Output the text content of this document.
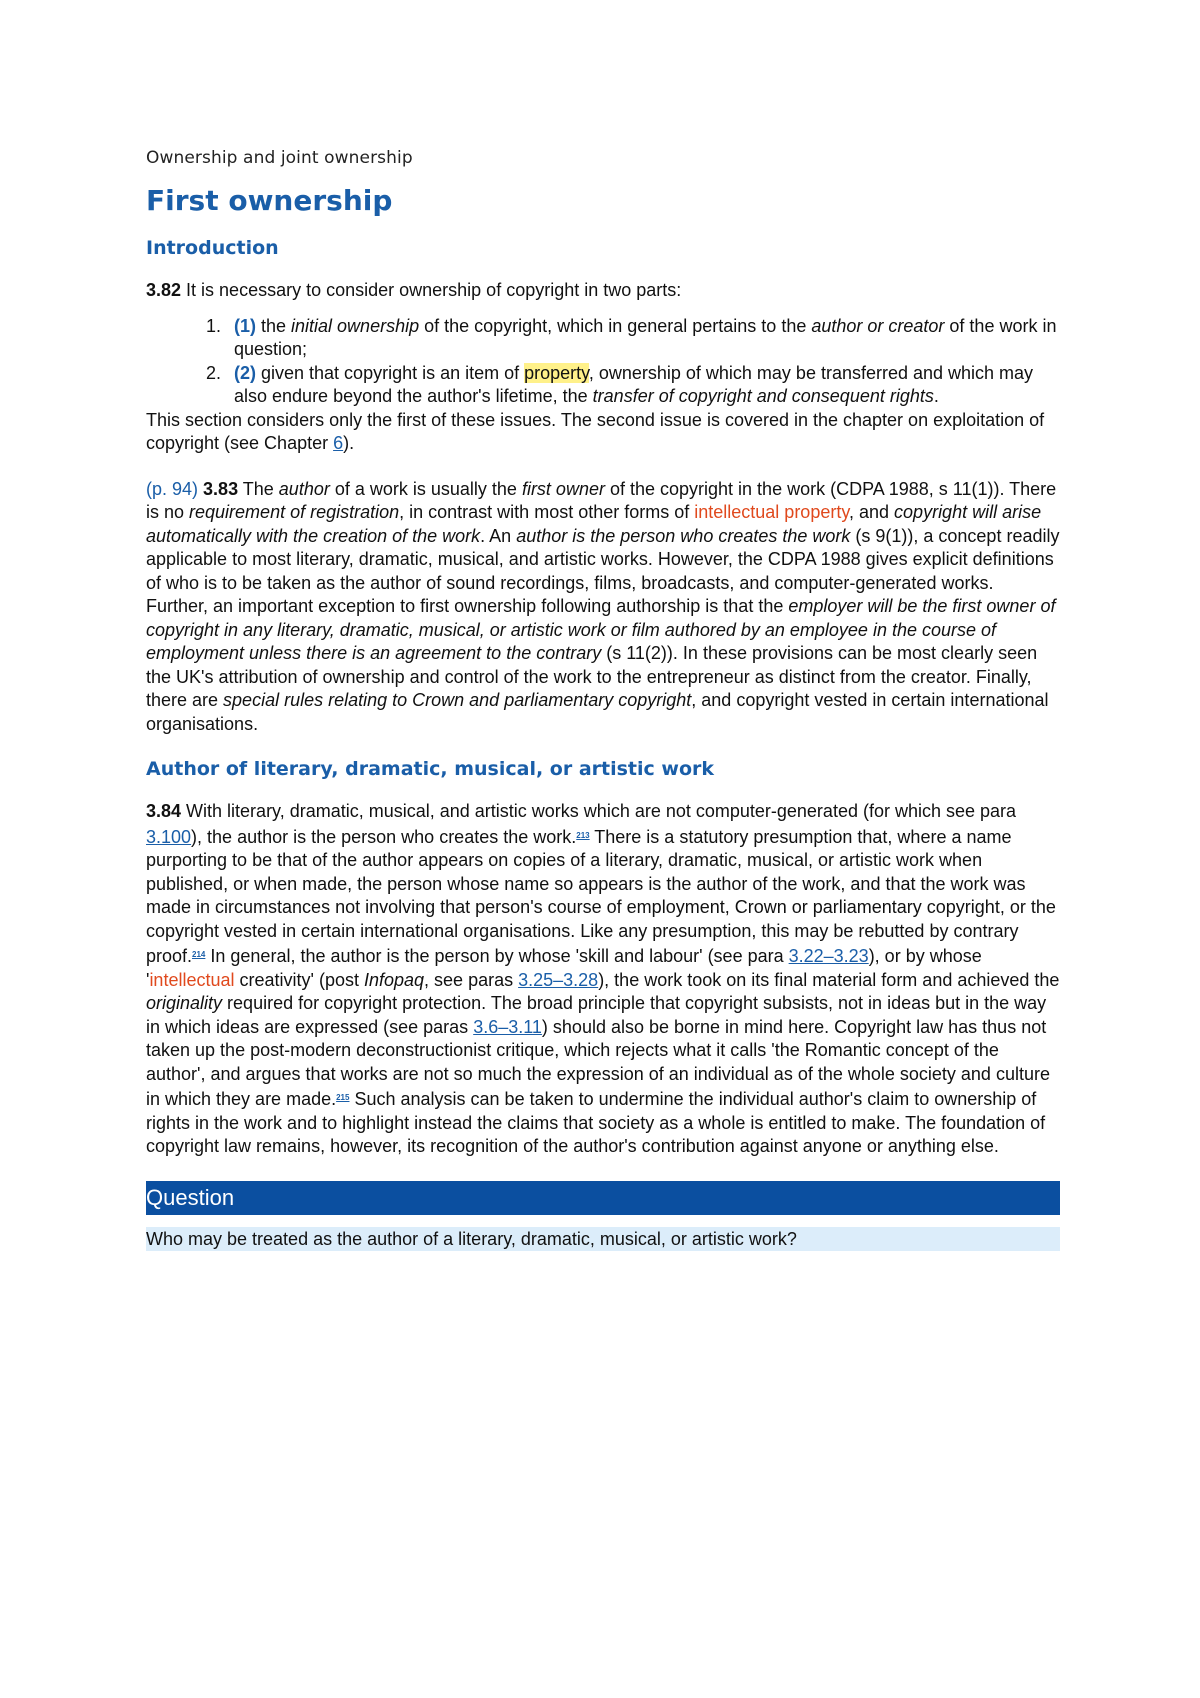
Ownership and joint ownership
First ownership
Introduction

3.82 It is necessary to consider ownership of copyright in two parts:

1. (1) the initial ownership of the copyright, which in general pertains to the author or creator of the work in question;
2. (2) given that copyright is an item of property, ownership of which may be transferred and which may also endure beyond the author's lifetime, the transfer of copyright and consequent rights.

This section considers only the first of these issues. The second issue is covered in the chapter on exploitation of copyright (see Chapter 6).

(p. 94) 3.83 The author of a work is usually the first owner of the copyright in the work (CDPA 1988, s 11(1)). There is no requirement of registration, in contrast with most other forms of intellectual property, and copyright will arise automatically with the creation of the work. An author is the person who creates the work (s 9(1)), a concept readily applicable to most literary, dramatic, musical, and artistic works. However, the CDPA 1988 gives explicit definitions of who is to be taken as the author of sound recordings, films, broadcasts, and computer-generated works. Further, an important exception to first ownership following authorship is that the employer will be the first owner of copyright in any literary, dramatic, musical, or artistic work or film authored by an employee in the course of employment unless there is an agreement to the contrary (s 11(2)). In these provisions can be most clearly seen the UK's attribution of ownership and control of the work to the entrepreneur as distinct from the creator. Finally, there are special rules relating to Crown and parliamentary copyright, and copyright vested in certain international organisations.

Author of literary, dramatic, musical, or artistic work

3.84 With literary, dramatic, musical, and artistic works which are not computer-generated (for which see para 3.100), the author is the person who creates the work.$^{213}$ There is a statutory presumption that, where a name purporting to be that of the author appears on copies of a literary, dramatic, musical, or artistic work when published, or when made, the person whose name so appears is the author of the work, and that the work was made in circumstances not involving that person's course of employment, Crown or parliamentary copyright, or the copyright vested in certain international organisations. Like any presumption, this may be rebutted by contrary proof.$^{214}$ In general, the author is the person by whose 'skill and labour' (see para 3.22–3.23), or by whose 'intellectual creativity' (post Infopaq, see paras 3.25–3.28), the work took on its final material form and achieved the originality required for copyright protection. The broad principle that copyright subsists, not in ideas but in the way in which ideas are expressed (see paras 3.6–3.11) should also be borne in mind here. Copyright law has thus not taken up the post-modern deconstructionist critique, which rejects what it calls 'the Romantic concept of the author', and argues that works are not so much the expression of an individual as of the whole society and culture in which they are made.$^{215}$ Such analysis can be taken to undermine the individual author's claim to ownership of rights in the work and to highlight instead the claims that society as a whole is entitled to make. The foundation of copyright law remains, however, its recognition of the author's contribution against anyone or anything else.

Question
Who may be treated as the author of a literary, dramatic, musical, or artistic work?
